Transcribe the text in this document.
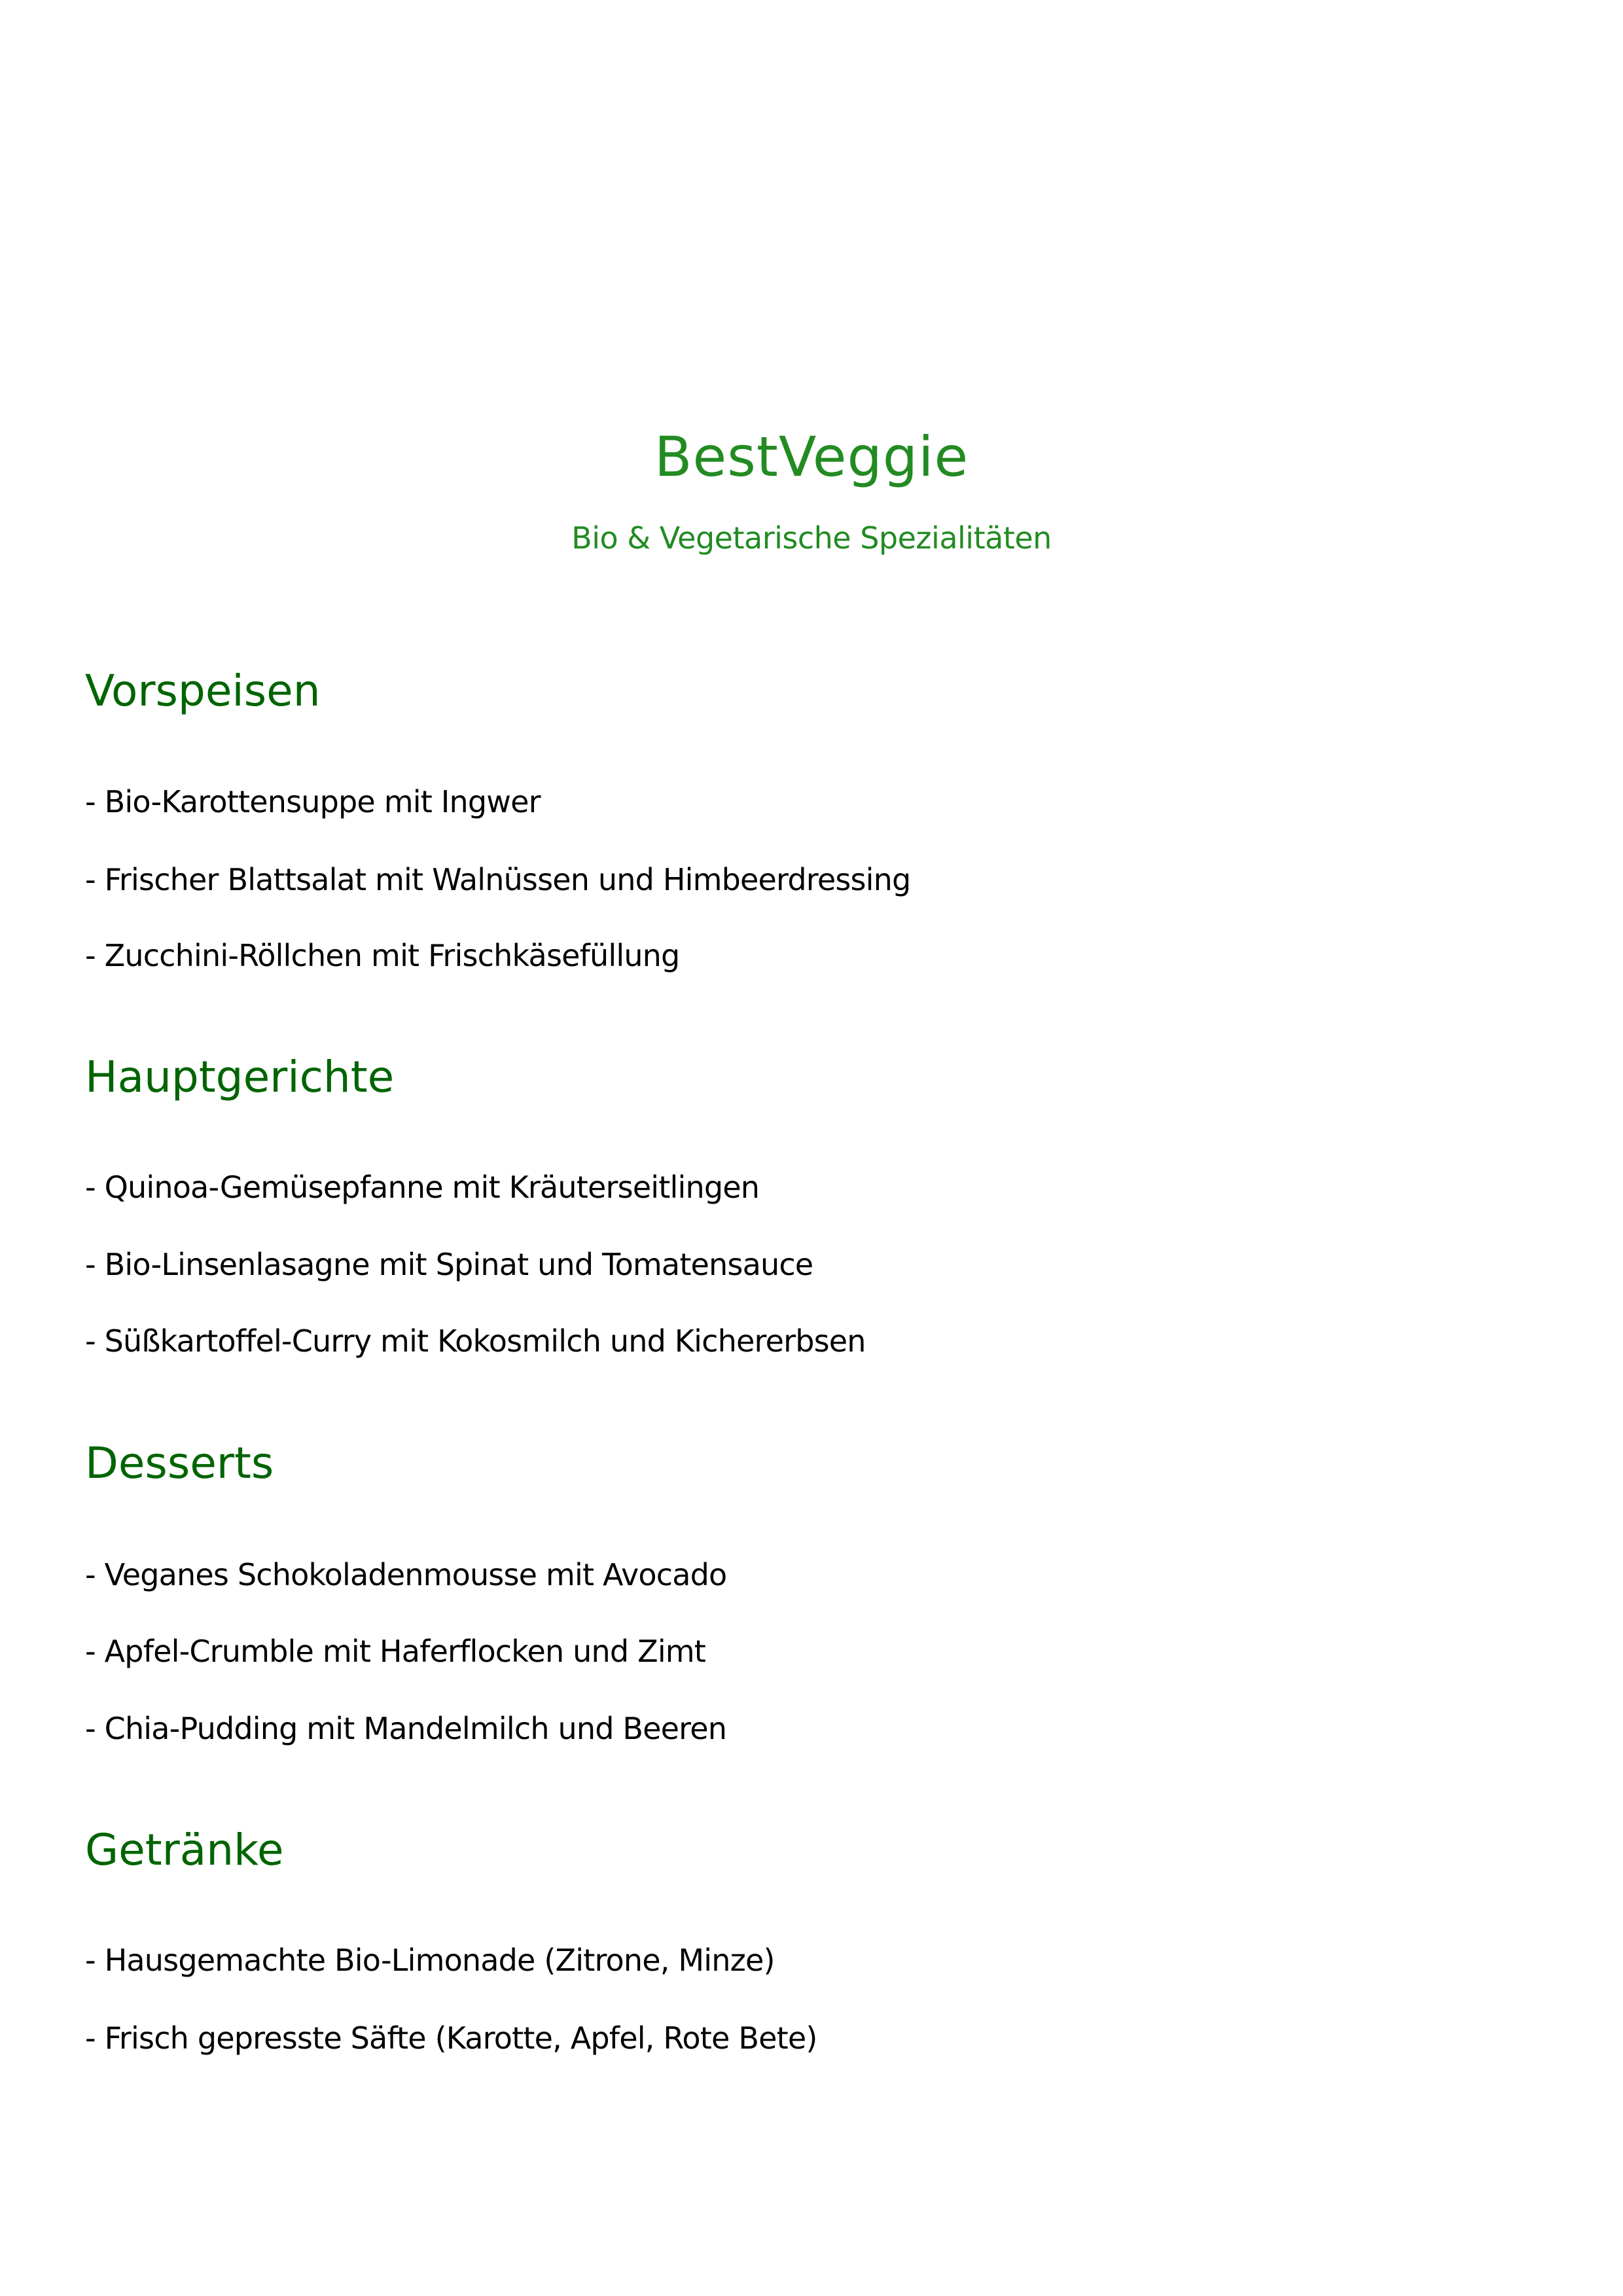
BestVeggie
Bio & Vegetarische Spezialitäten
Vorspeisen
- Bio-Karottensuppe mit Ingwer
- Frischer Blattsalat mit Walnüssen und Himbeerdressing
- Zucchini-Röllchen mit Frischkäsefüllung
Hauptgerichte
- Quinoa-Gemüsepfanne mit Kräuterseitlingen
- Bio-Linsenlasagne mit Spinat und Tomatensauce
- Süßkartoffel-Curry mit Kokosmilch und Kichererbsen
Desserts
- Veganes Schokoladenmousse mit Avocado
- Apfel-Crumble mit Haferflocken und Zimt
- Chia-Pudding mit Mandelmilch und Beeren
Getränke
- Hausgemachte Bio-Limonade (Zitrone, Minze)
- Frisch gepresste Säfte (Karotte, Apfel, Rote Bete)
